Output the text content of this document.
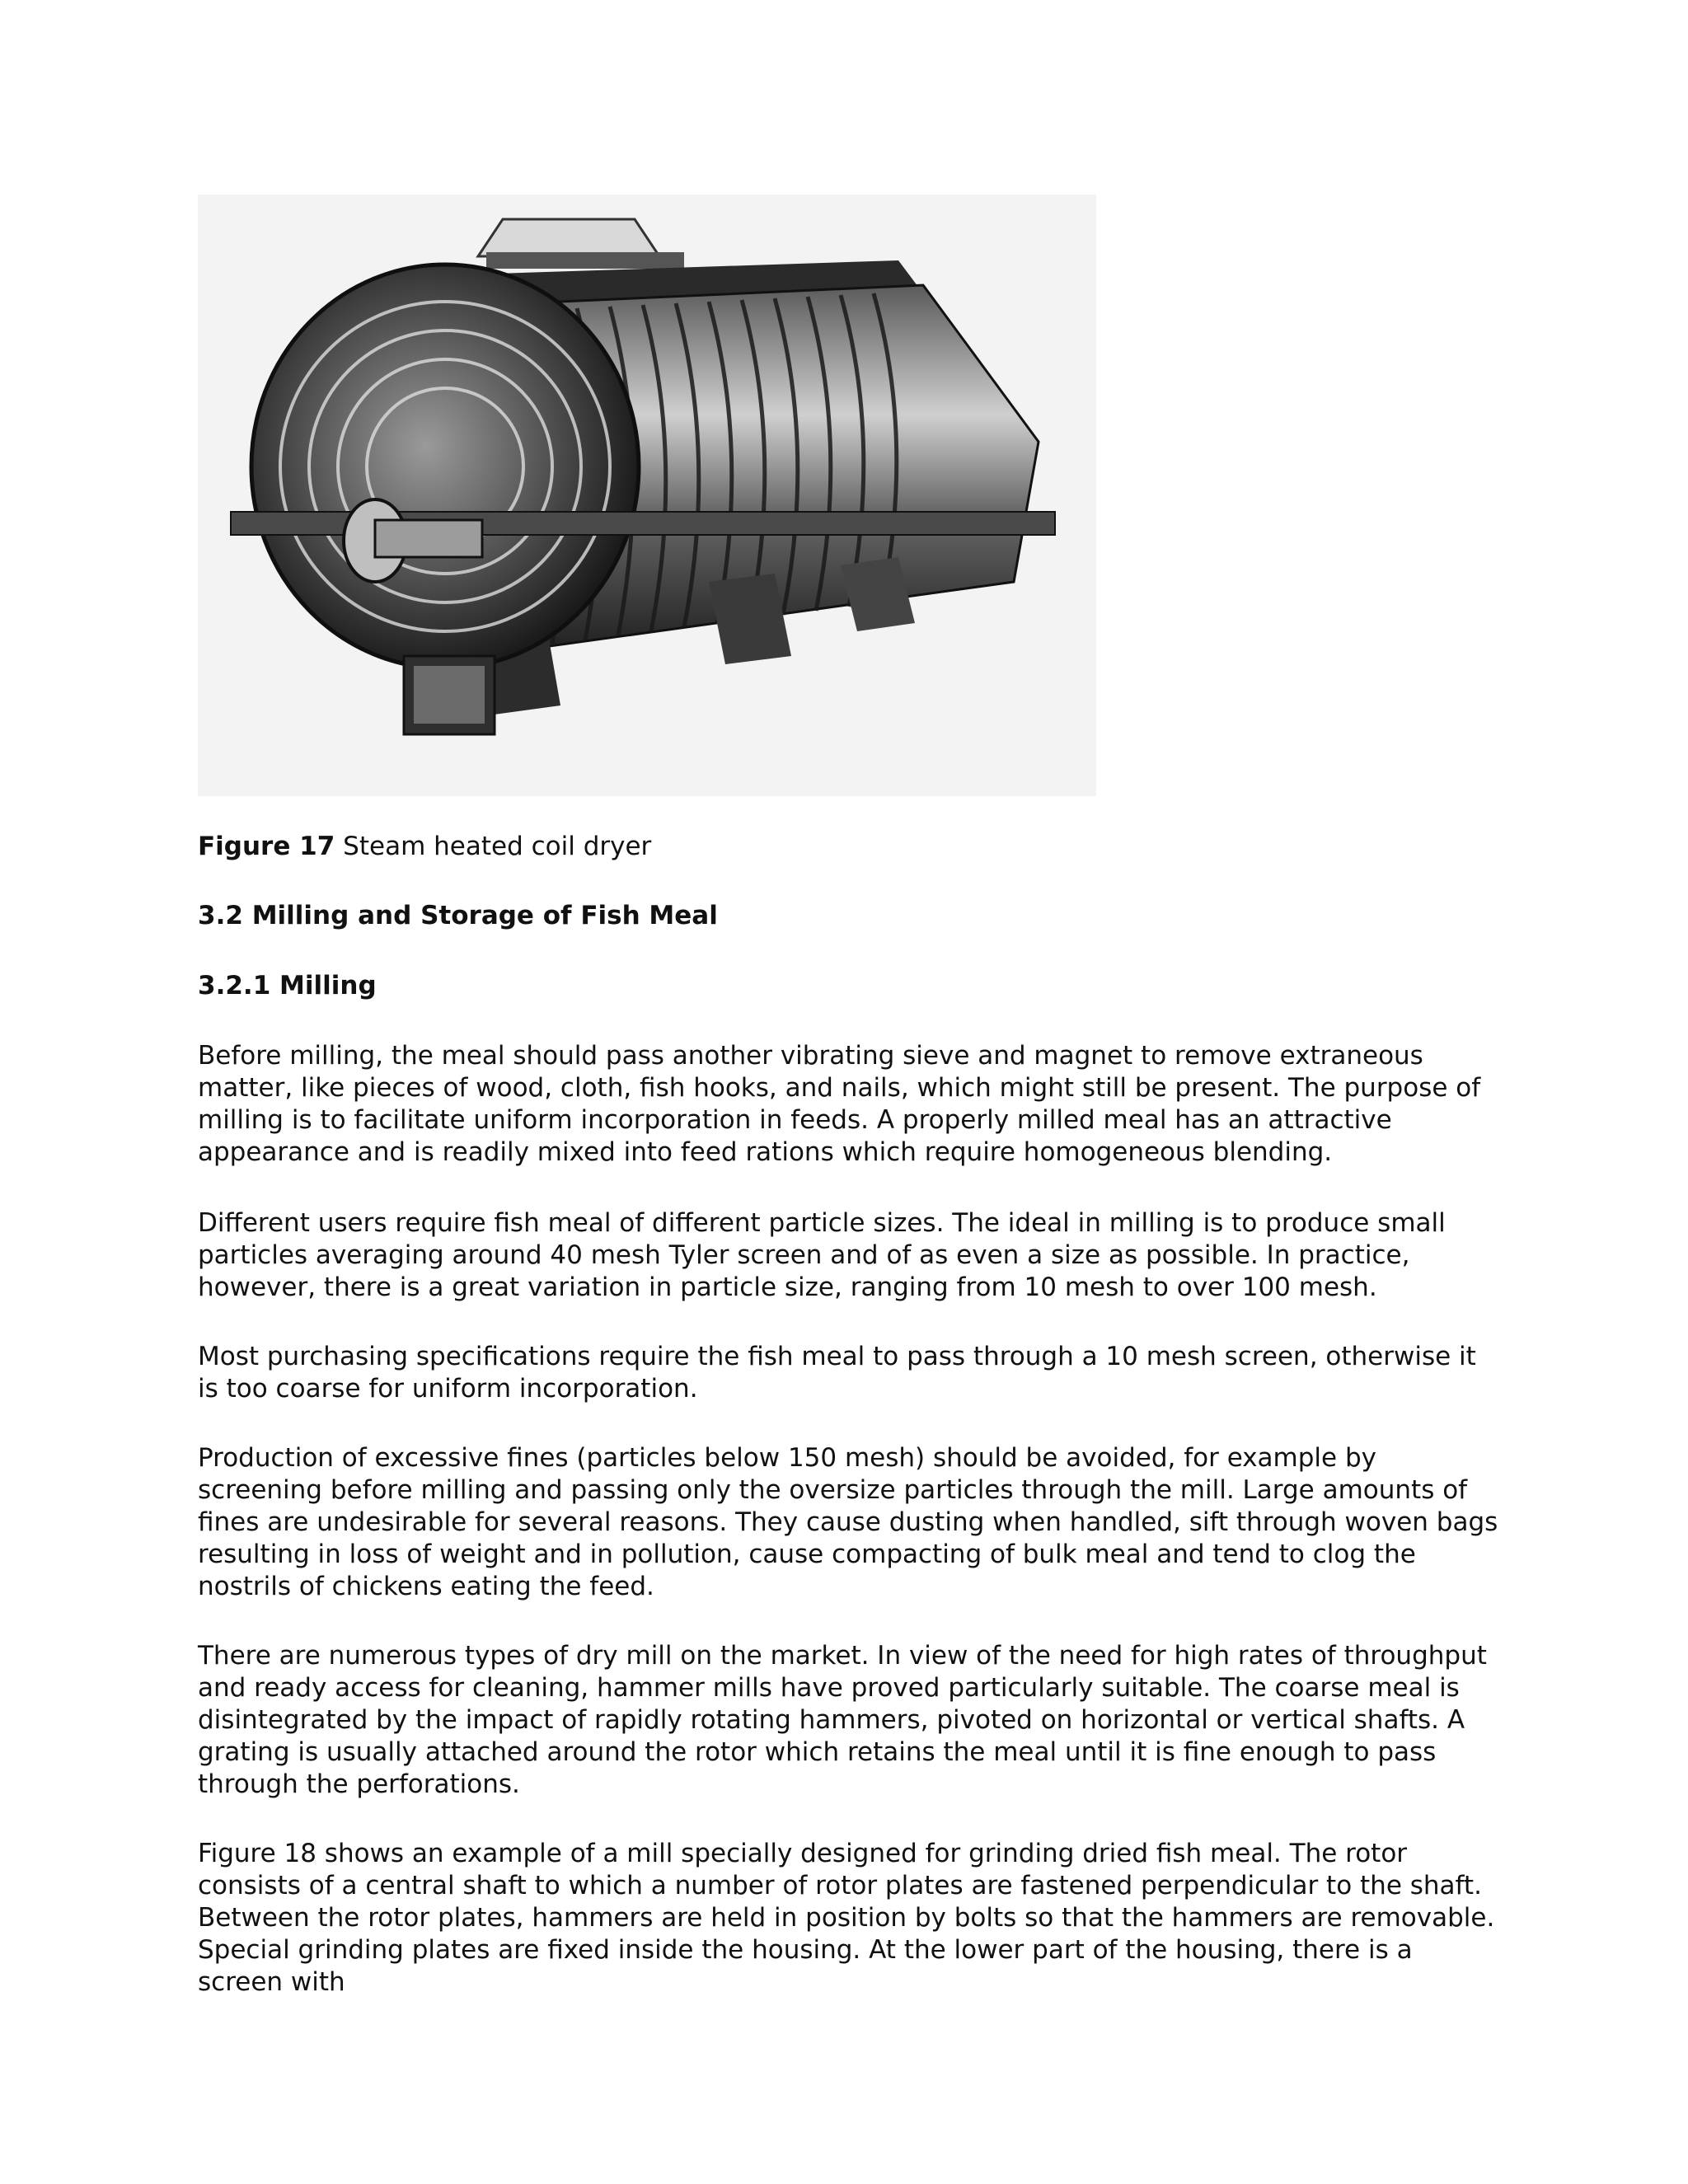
Figure 17 Steam heated coil dryer
3.2 Milling and Storage of Fish Meal
3.2.1 Milling

Before milling, the meal should pass another vibrating sieve and magnet to remove extraneous matter, like pieces of wood, cloth, fish hooks, and nails, which might still be present. The purpose of milling is to facilitate uniform incorporation in feeds. A properly milled meal has an attractive appearance and is readily mixed into feed rations which require homogeneous blending.

Different users require fish meal of different particle sizes. The ideal in milling is to produce small particles averaging around 40 mesh Tyler screen and of as even a size as possible. In practice, however, there is a great variation in particle size, ranging from 10 mesh to over 100 mesh.

Most purchasing specifications require the fish meal to pass through a 10 mesh screen, otherwise it is too coarse for uniform incorporation.

Production of excessive fines (particles below 150 mesh) should be avoided, for example by screening before milling and passing only the oversize particles through the mill. Large amounts of fines are undesirable for several reasons. They cause dusting when handled, sift through woven bags resulting in loss of weight and in pollution, cause compacting of bulk meal and tend to clog the nostrils of chickens eating the feed.

There are numerous types of dry mill on the market. In view of the need for high rates of throughput and ready access for cleaning, hammer mills have proved particularly suitable. The coarse meal is disintegrated by the impact of rapidly rotating hammers, pivoted on horizontal or vertical shafts. A grating is usually attached around the rotor which retains the meal until it is fine enough to pass through the perforations.

Figure 18 shows an example of a mill specially designed for grinding dried fish meal. The rotor consists of a central shaft to which a number of rotor plates are fastened perpendicular to the shaft. Between the rotor plates, hammers are held in position by bolts so that the hammers are removable. Special grinding plates are fixed inside the housing. At the lower part of the housing, there is a screen with
